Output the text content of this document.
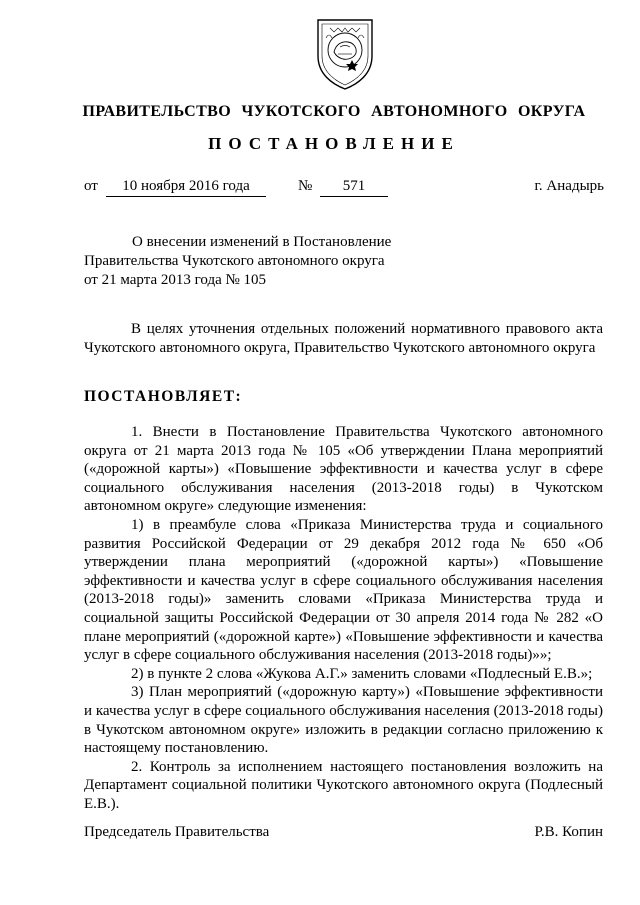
ПРАВИТЕЛЬСТВО ЧУКОТСКОГО АВТОНОМНОГО ОКРУГА
ПОСТАНОВЛЕНИЕ
от	10 ноября 2016 года	№	571	г. Анадырь
О внесении изменений в Постановление
Правительства Чукотского автономного округа
от 21 марта 2013 года № 105

В целях уточнения отдельных положений нормативного правового акта Чукотского автономного округа, Правительство Чукотского автономного округа

ПОСТАНОВЛЯЕТ:

1. Внести в Постановление Правительства Чукотского автономного округа от 21 марта 2013 года № 105 «Об утверждении Плана мероприятий («дорожной карты») «Повышение эффективности и качества услуг в сфере социального обслуживания населения (2013-2018 годы) в Чукотском автономном округе» следующие изменения:

1) в преамбуле слова «Приказа Министерства труда и социального развития Российской Федерации от 29 декабря 2012 года № 650 «Об утверждении плана мероприятий («дорожной карты») «Повышение эффективности и качества услуг в сфере социального обслуживания населения (2013-2018 годы)» заменить словами «Приказа Министерства труда и социальной защиты Российской Федерации от 30 апреля 2014 года № 282 «О плане мероприятий («дорожной карте») «Повышение эффективности и качества услуг в сфере социального обслуживания населения (2013-2018 годы)»»;

2) в пункте 2 слова «Жукова А.Г.» заменить словами «Подлесный Е.В.»;

3) План мероприятий («дорожную карту») «Повышение эффективности и качества услуг в сфере социального обслуживания населения (2013-2018 годы) в Чукотском автономном округе» изложить в редакции согласно приложению к настоящему постановлению.

2. Контроль за исполнением настоящего постановления возложить на Департамент социальной политики Чукотского автономного округа (Подлесный Е.В.).

Председатель Правительства	Р.В. Копин
